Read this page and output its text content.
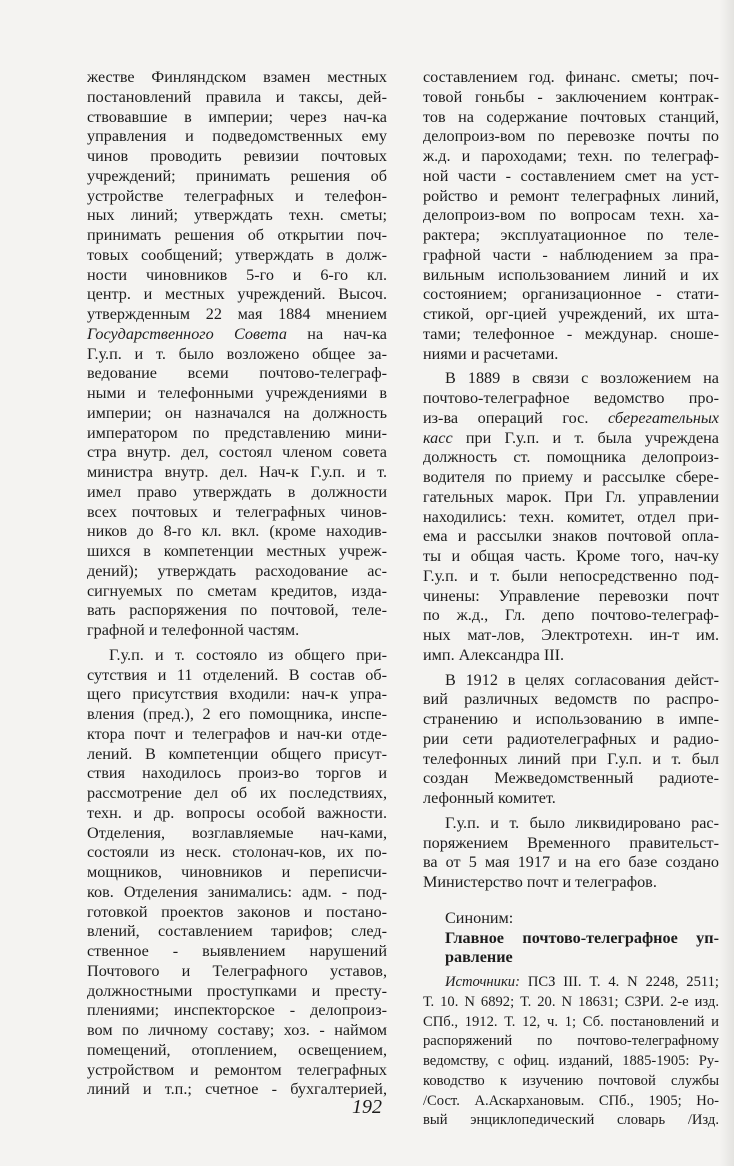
жестве Финляндском взамен местных
постановлений правила и таксы, дей-
ствовавшие в империи; через нач-ка
управления и подведомственных ему
чинов проводить ревизии почтовых
учреждений; принимать решения об
устройстве телеграфных и телефон-
ных линий; утверждать техн. сметы;
принимать решения об открытии поч-
товых сообщений; утверждать в долж-
ности чиновников 5-го и 6-го кл.
центр. и местных учреждений. Высоч.
утвержденным 22 мая 1884 мнением
Государственного Совета на нач-ка
Г.у.п. и т. было возложено общее за-
ведование всеми почтово-телеграф-
ными и телефонными учреждениями в
империи; он назначался на должность
императором по представлению мини-
стра внутр. дел, состоял членом совета
министра внутр. дел. Нач-к Г.у.п. и т.
имел право утверждать в должности
всех почтовых и телеграфных чинов-
ников до 8-го кл. вкл. (кроме находив-
шихся в компетенции местных учреж-
дений); утверждать расходование ас-
сигнуемых по сметам кредитов, изда-
вать распоряжения по почтовой, теле-
графной и телефонной частям.
Г.у.п. и т. состояло из общего при-
сутствия и 11 отделений. В состав об-
щего присутствия входили: нач-к упра-
вления (пред.), 2 его помощника, инспе-
ктора почт и телеграфов и нач-ки отде-
лений. В компетенции общего присут-
ствия находилось произ-во торгов и
рассмотрение дел об их последствиях,
техн. и др. вопросы особой важности.
Отделения, возглавляемые нач-ками,
состояли из неск. столонач-ков, их по-
мощников, чиновников и переписчи-
ков. Отделения занимались: адм. - под-
готовкой проектов законов и постано-
влений, составлением тарифов; след-
ственное - выявлением нарушений
Почтового и Телеграфного уставов,
должностными проступками и престу-
плениями; инспекторское - делопроиз-
вом по личному составу; хоз. - наймом
помещений, отоплением, освещением,
устройством и ремонтом телеграфных
линий и т.п.; счетное - бухгалтерией,
составлением год. финанс. сметы; поч-
товой гоньбы - заключением контрак-
тов на содержание почтовых станций,
делопроиз-вом по перевозке почты по
ж.д. и пароходами; техн. по телеграф-
ной части - составлением смет на уст-
ройство и ремонт телеграфных линий,
делопроиз-вом по вопросам техн. ха-
рактера; эксплуатационное по теле-
графной части - наблюдением за пра-
вильным использованием линий и их
состоянием; организационное - стати-
стикой, орг-цией учреждений, их шта-
тами; телефонное - междунар. сноше-
ниями и расчетами.
В 1889 в связи с возложением на
почтово-телеграфное ведомство про-
из-ва операций гос. сберегательных
касс при Г.у.п. и т. была учреждена
должность ст. помощника делопроиз-
водителя по приему и рассылке сбере-
гательных марок. При Гл. управлении
находились: техн. комитет, отдел при-
ема и рассылки знаков почтовой опла-
ты и общая часть. Кроме того, нач-ку
Г.у.п. и т. были непосредственно под-
чинены: Управление перевозки почт
по ж.д., Гл. депо почтово-телеграф-
ных мат-лов, Электротехн. ин-т им.
имп. Александра III.
В 1912 в целях согласования дейст-
вий различных ведомств по распро-
странению и использованию в импе-
рии сети радиотелеграфных и радио-
телефонных линий при Г.у.п. и т. был
создан Межведомственный радиоте-
лефонный комитет.
Г.у.п. и т. было ликвидировано рас-
поряжением Временного правительст-
ва от 5 мая 1917 и на его базе создано
Министерство почт и телеграфов.
Синоним:
Главное почтово-телеграфное уп-
равление
Источники: ПСЗ III. Т. 4. N 2248, 2511;
Т. 10. N 6892; Т. 20. N 18631; СЗРИ. 2-е изд.
СПб., 1912. Т. 12, ч. 1; Сб. постановлений и
распоряжений по почтово-телеграфному
ведомству, с офиц. изданий, 1885-1905: Ру-
ководство к изучению почтовой службы
/Сост. А.Аскархановым. СПб., 1905; Но-
вый энциклопедический словарь /Изд.
192
